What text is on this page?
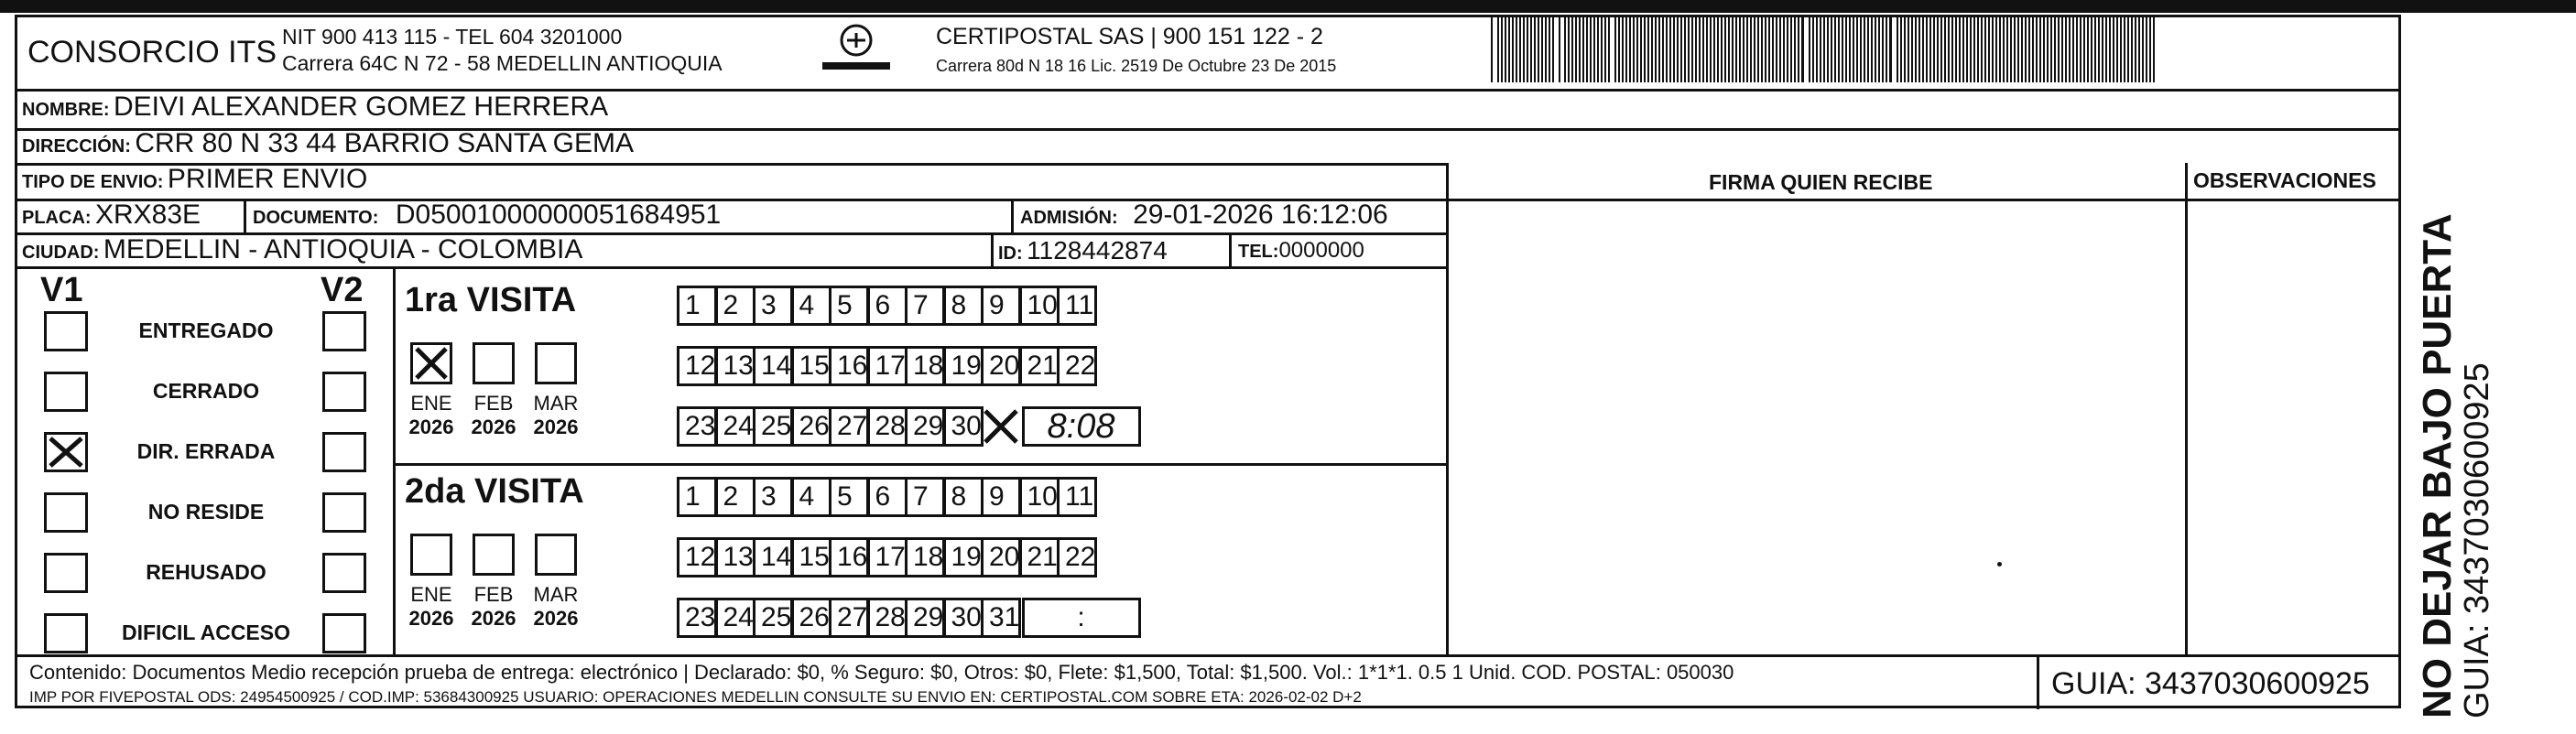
CONSORCIO ITS NIT 900 413 115 - TEL 604 3201000
Carrera 64C N 72 - 58 MEDELLIN ANTIOQUIA
CERTIPOSTAL SAS | 900 151 122 - 2
Carrera 80d N 18 16 Lic. 2519 De Octubre 23 De 2015
NOMBRE: DEIVI ALEXANDER GOMEZ HERRERA
DIRECCIÓN: CRR 80 N 33 44 BARRIO SANTA GEMA
TIPO DE ENVIO: PRIMER ENVIO
PLACA: XRX83E	DOCUMENTO: D05001000000051684951	ADMISIÓN: 29-01-2026 16:12:06
CIUDAD: MEDELLIN - ANTIOQUIA - COLOMBIA	ID: 1128442874	TEL:0000000
FIRMA QUIEN RECIBE	OBSERVACIONES
V1	V2
ENTREGADO
CERRADO
DIR. ERRADA
NO RESIDE
REHUSADO
DIFICIL ACCESO
1ra VISITA
2da VISITA
ENE
2026
FEB
2026
MAR
2026
1 2 3 4 5 6 7 8 9 10 11
12 13 14 15 16 17 18 19 20 21 22
23 24 25 26 27 28 29 30	8:08
ENE
2026
FEB
2026
MAR
2026
1 2 3 4 5 6 7 8 9 10 11
12 13 14 15 16 17 18 19 20 21 22
23 24 25 26 27 28 29 30 31	:
Contenido: Documentos Medio recepción prueba de entrega: electrónico | Declarado: $0, % Seguro: $0, Otros: $0, Flete: $1,500, Total: $1,500. Vol.: 1*1*1. 0.5 1 Unid. COD. POSTAL: 050030
IMP POR FIVEPOSTAL ODS: 24954500925 / COD.IMP: 53684300925 USUARIO: OPERACIONES MEDELLIN CONSULTE SU ENVIO EN: CERTIPOSTAL.COM SOBRE ETA: 2026-02-02 D+2	GUIA: 3437030600925 NO DEJAR BAJO PUERTA
GUIA: 3437030600925
